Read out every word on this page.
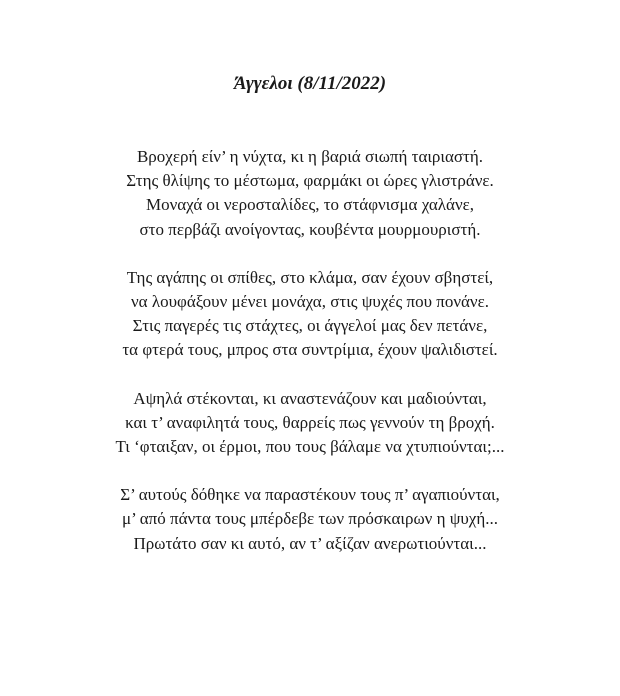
Άγγελοι (8/11/2022)
Βροχερή είν’ η νύχτα, κι η βαριά σιωπή ταιριαστή.
Στης θλίψης το μέστωμα, φαρμάκι οι ώρες γλιστράνε.
Μοναχά οι νεροσταλίδες, το στάφνισμα χαλάνε,
στο περβάζι ανοίγοντας, κουβέντα μουρμουριστή.
Της αγάπης οι σπίθες, στο κλάμα, σαν έχουν σβηστεί,
να λουφάξουν μένει μονάχα, στις ψυχές που πονάνε.
Στις παγερές τις στάχτες, οι άγγελοί μας δεν πετάνε,
τα φτερά τους, μπρος στα συντρίμια, έχουν ψαλιδιστεί.
Αψηλά στέκονται, κι αναστενάζουν και μαδιούνται,
και τ’ αναφιλητά τους, θαρρείς πως γεννούν τη βροχή.
Τι ‘φταιξαν, οι έρμοι, που τους βάλαμε να χτυπιούνται;...
Σ’ αυτούς δόθηκε να παραστέκουν τους π’ αγαπιούνται,
μ’ από πάντα τους μπέρδεβε των πρόσκαιρων η ψυχή...
Πρωτάτο σαν κι αυτό, αν τ’ αξίζαν ανερωτιούνται...
